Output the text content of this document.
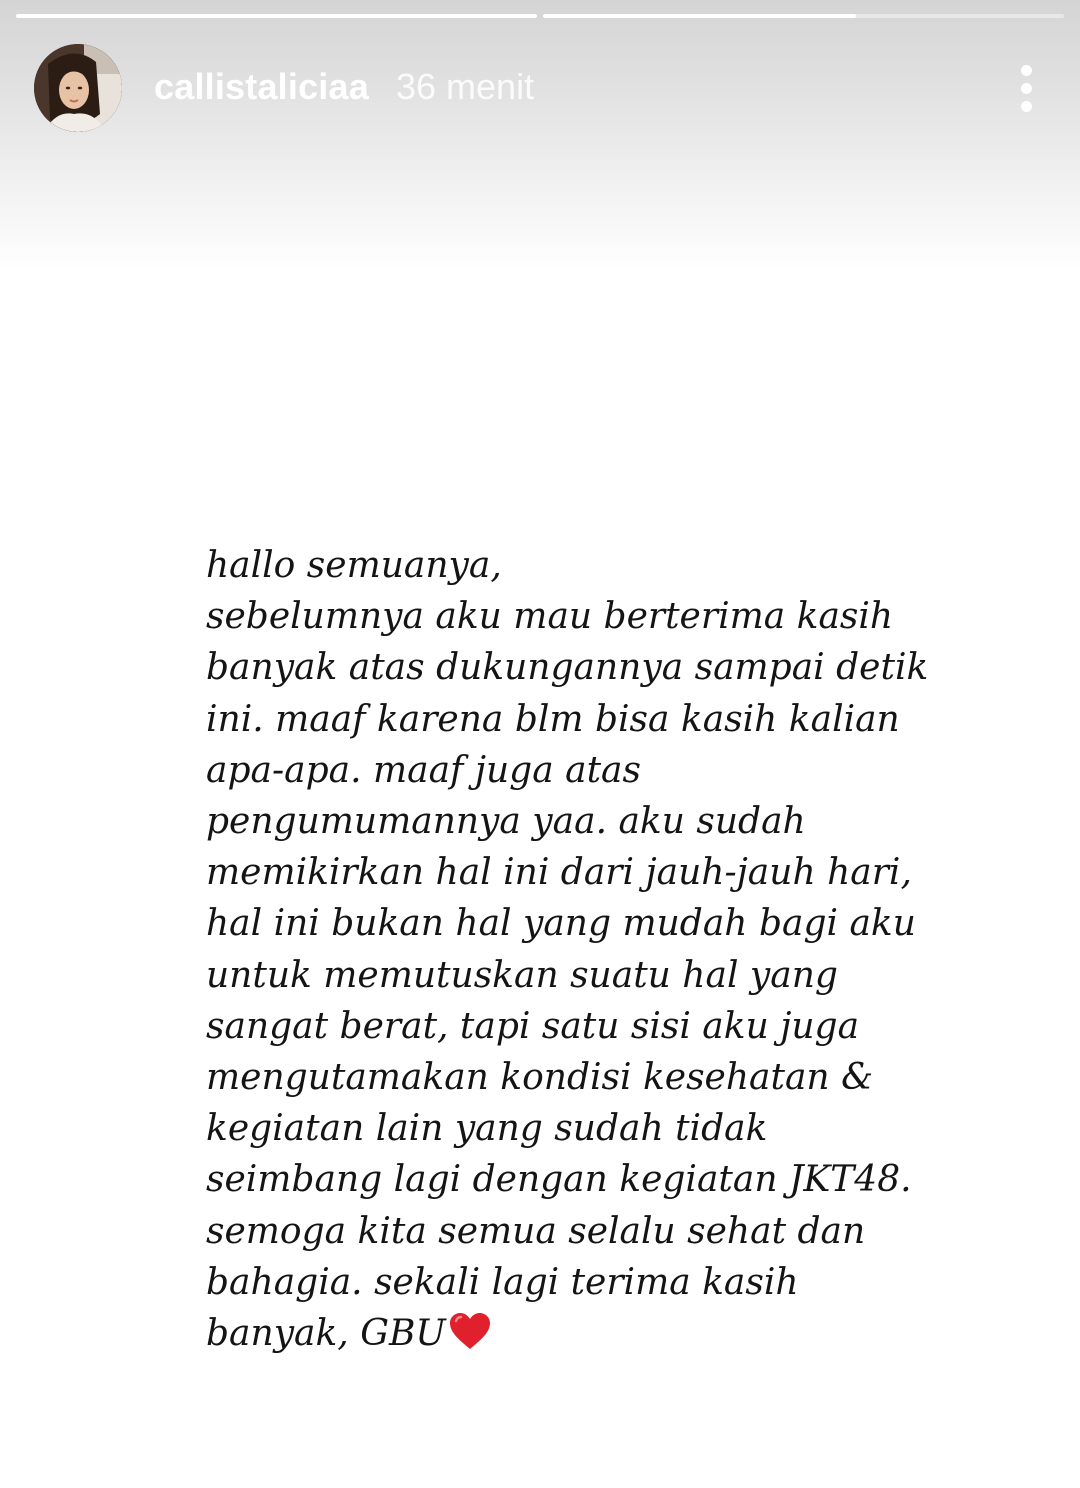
callistaliciaa 36 menit
hallo semuanya,
sebelumnya aku mau berterima kasih
banyak atas dukungannya sampai detik
ini. maaf karena blm bisa kasih kalian
apa-apa. maaf juga atas
pengumumannya yaa. aku sudah
memikirkan hal ini dari jauh-jauh hari,
hal ini bukan hal yang mudah bagi aku
untuk memutuskan suatu hal yang
sangat berat, tapi satu sisi aku juga
mengutamakan kondisi kesehatan &
kegiatan lain yang sudah tidak
seimbang lagi dengan kegiatan JKT48.
semoga kita semua selalu sehat dan
bahagia. sekali lagi terima kasih
banyak, GBU
